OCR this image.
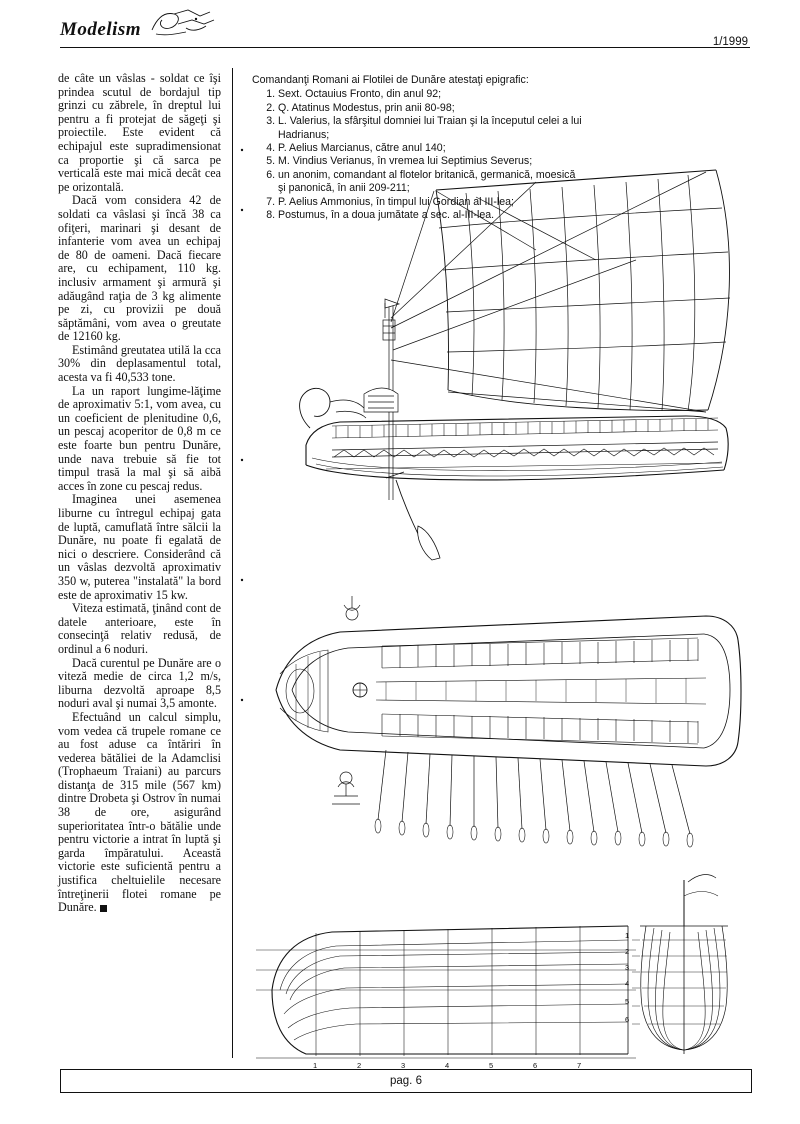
Modelism
1/1999

de câte un vâslas - soldat ce îşi prindea scutul de bordajul tip grinzi cu zăbrele, în dreptul lui pentru a fi protejat de săgeţi şi proiectile. Este evident că echipajul este supradimensionat ca proportie şi că sarca pe verticală este mai mică decât cea pe orizontală.

Dacă vom considera 42 de soldati ca vâslasi şi încă 38 ca ofiţeri, marinari şi desant de infanterie vom avea un echipaj de 80 de oameni. Dacă fiecare are, cu echipament, 110 kg. inclusiv armament şi armură şi adăugând raţia de 3 kg alimente pe zi, cu provizii pe două săptămâni, vom avea o greutate de 12160 kg.

Estimând greutatea utilă la cca 30% din deplasamentul total, acesta va fi 40,533 tone.

La un raport lungime-lăţime de aproximativ 5:1, vom avea, cu un coeficient de plenitudine 0,6, un pescaj acoperitor de 0,8 m ce este foarte bun pentru Dunăre, unde nava trebuie să fie tot timpul trasă la mal şi să aibă acces în zone cu pescaj redus.

Imaginea unei asemenea liburne cu întregul echipaj gata de luptă, camuflată între sălcii la Dunăre, nu poate fi egalată de nici o descriere. Considerând că un vâslas dezvoltă aproximativ 350 w, puterea "instalată" la bord este de aproximativ 15 kw.

Viteza estimată, ţinând cont de datele anterioare, este în consecinţă relativ redusă, de ordinul a 6 noduri.

Dacă curentul pe Dunăre are o viteză medie de circa 1,2 m/s, liburna dezvoltă aproape 8,5 noduri aval şi numai 3,5 amonte.

Efectuând un calcul simplu, vom vedea că trupele romane ce au fost aduse ca întăriri în vederea bătăliei de la Adamclisi (Trophaeum Traiani) au parcurs distanţa de 315 mile (567 km) dintre Drobeta şi Ostrov în numai 38 de ore, asigurând superioritatea într-o bătălie unde pentru victorie a intrat în luptă şi garda împăratului. Această victorie este suficientă pentru a justifica cheltuielile necesare întreţinerii flotei romane pe Dunăre.

1	2	3	4	5	6	7
1
2
3
4
5
6

Comandanţi Romani ai Flotilei de Dunăre atestaţi epigrafic:

1. Sext. Octauius Fronto, din anul 92;
2. Q. Atatinus Modestus, prin anii 80-98;
3. L. Valerius, la sfârşitul domniei lui Traian şi la începutul celei a lui Hadrianus;
4. P. Aelius Marcianus, către anul 140;
5. M. Vindius Verianus, în vremea lui Septimius Severus;
6. un anonim, comandant al flotelor britanică, germanică, moesică şi panonică, în anii 209-211;
7. P. Aelius Ammonius, în timpul lui Gordian al III-lea;
8. Postumus, în a doua jumătate a sec. al-III-lea.
pag. 6
